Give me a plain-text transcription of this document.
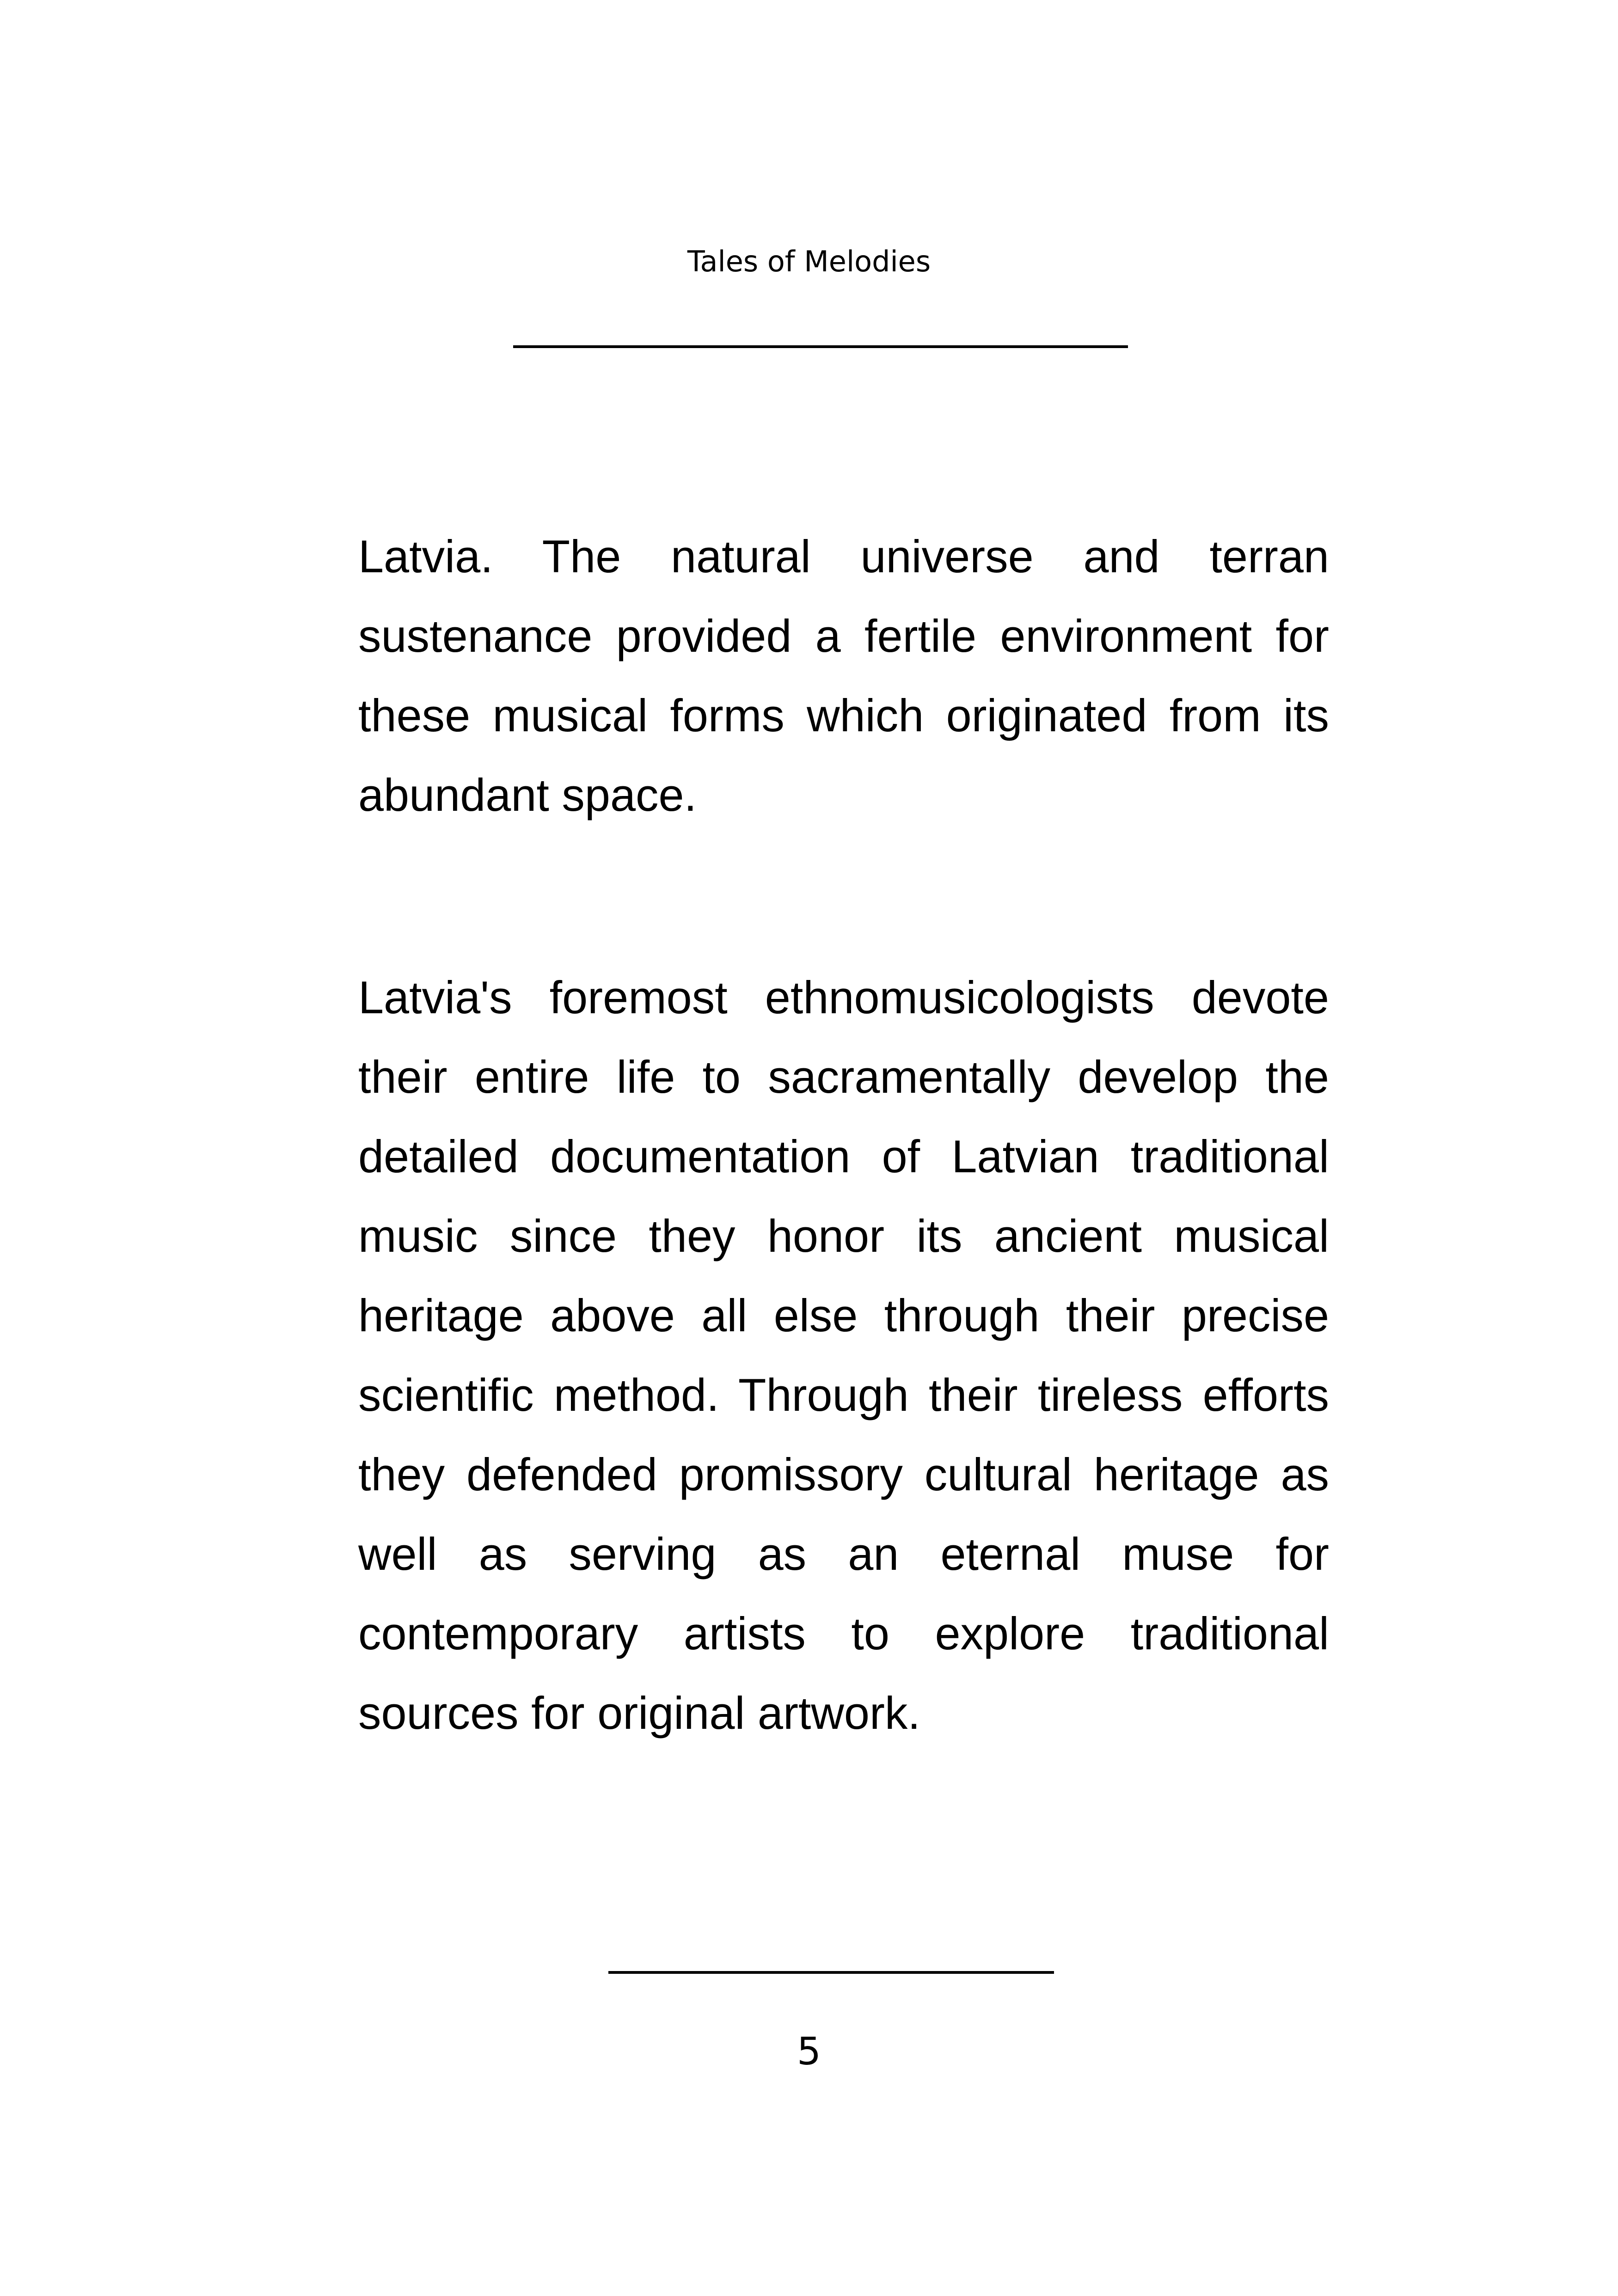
Tales of Melodies

Latvia. The natural universe and terran sustenance provided a fertile environment for these musical forms which originated from its abundant space.

Latvia's foremost ethnomusicologists devote their entire life to sacramentally develop the detailed documentation of Latvian traditional music since they honor its ancient musical heritage above all else through their precise scientific method. Through their tireless efforts they defended promissory cultural heritage as well as serving as an eternal muse for contemporary artists to explore traditional sources for original artwork.

5
